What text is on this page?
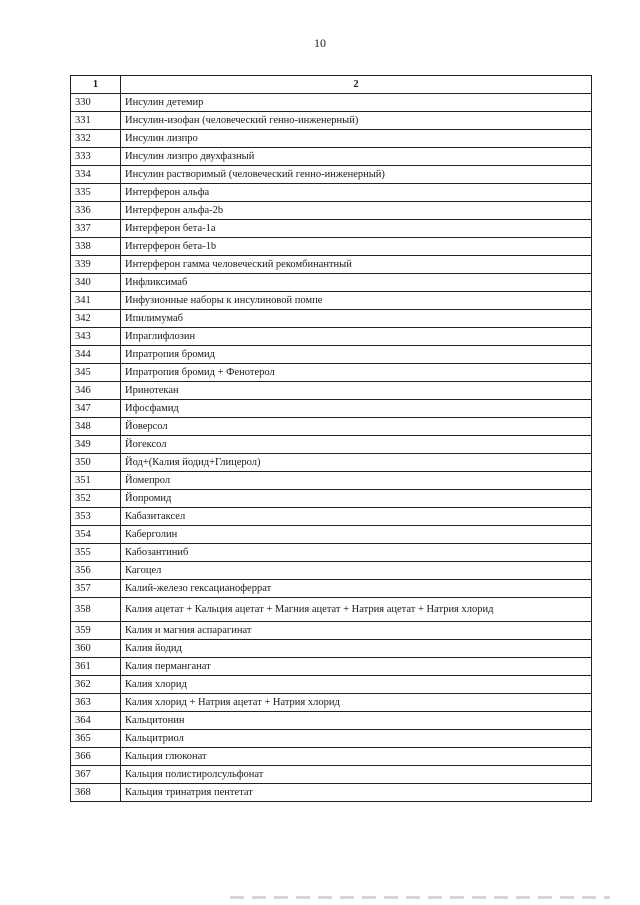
10
1	2
330	Инсулин детемир
331	Инсулин-изофан (человеческий генно-инженерный)
332	Инсулин лизпро
333	Инсулин лизпро двухфазный
334	Инсулин растворимый (человеческий генно-инженерный)
335	Интерферон альфа
336	Интерферон альфа-2b
337	Интерферон бета-1а
338	Интерферон бета-1b
339	Интерферон гамма человеческий рекомбинантный
340	Инфликсимаб
341	Инфузионные наборы к инсулиновой помпе
342	Ипилимумаб
343	Ипраглифлозин
344	Ипратропия бромид
345	Ипратропия бромид + Фенотерол
346	Иринотекан
347	Ифосфамид
348	Йоверсол
349	Йогексол
350	Йод+(Калия йодид+Глицерол)
351	Йомепрол
352	Йопромид
353	Кабазитаксел
354	Каберголин
355	Кабозантиниб
356	Кагоцел
357	Калий-железо гексацианоферрат
358	Калия ацетат + Кальция ацетат + Магния ацетат + Натрия ацетат + Натрия хлорид
359	Калия и магния аспарагинат
360	Калия йодид
361	Калия перманганат
362	Калия хлорид
363	Калия хлорид + Натрия ацетат + Натрия хлорид
364	Кальцитонин
365	Кальцитриол
366	Кальция глюконат
367	Кальция полистиролсульфонат
368	Кальция тринатрия пентетат
